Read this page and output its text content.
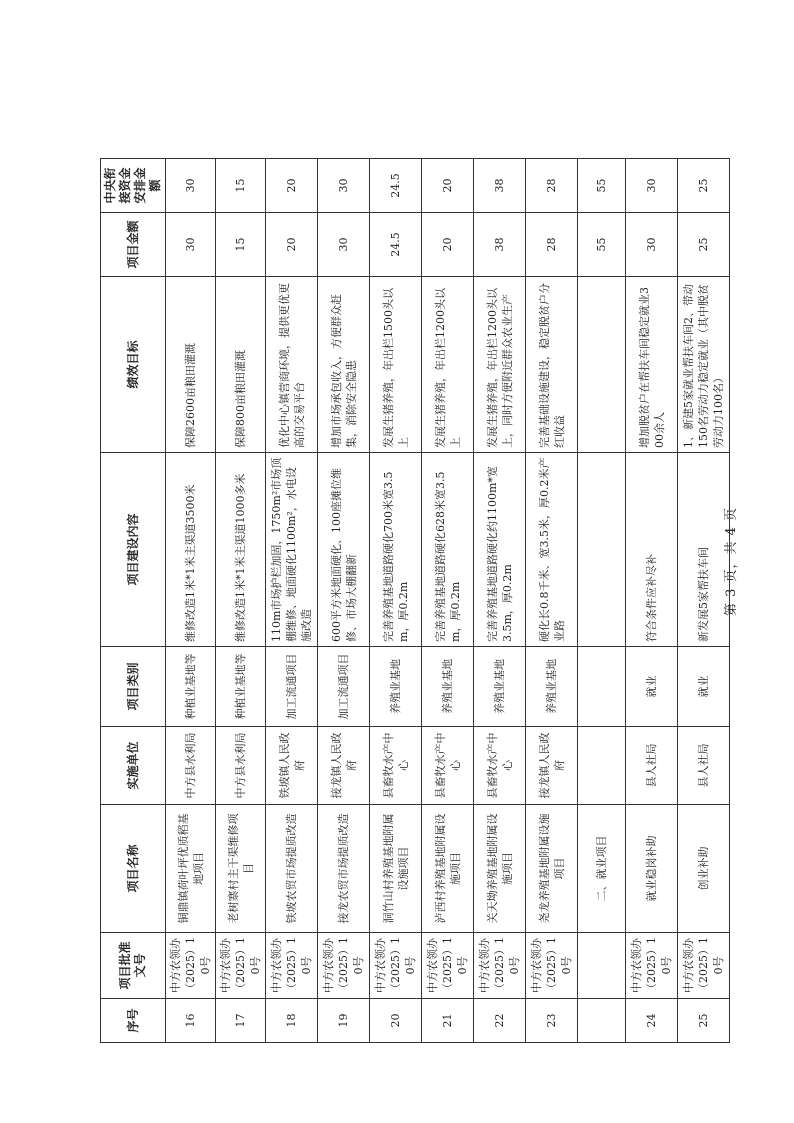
序号	项目批准文号	项目名称	实施单位	项目类别	项目建设内容	绩效目标	项目金额	中央衔接资金安排金额
16	中方农领办（2025）10号	铜鼎镇荷叶坪优质稻基地项目	中方县水利局	种植业基地等	维修改造1米*1米主渠道3500米	保障2600亩粮田灌溉	30	30
17	中方农领办（2025）10号	老树寨村主干渠维修项目	中方县水利局	种植业基地等	维修改造1米*1米主渠道1000多米	保障800亩粮田灌溉	15	15
18	中方农领办（2025）10号	铁坡农贸市场提质改造	铁坡镇人民政府	加工流通项目	110m市场护栏加固，1750m²市场顶棚维修、地面硬化1100m²，水电设施改造	优化中心镇营商环境，提供更优更高的交易平台	20	20
19	中方农领办（2025）10号	接龙农贸市场提质改造	接龙镇人民政府	加工流通项目	600平方米地面硬化、100座摊位维修、市场大棚翻新	增加市场承包收入，方便群众赶集，消除安全隐患	30	30
20	中方农领办（2025）10号	洞竹山村养殖基地附属设施项目	县畜牧水产中心	养殖业基地	完善养殖基地道路硬化700米宽3.5m，厚0.2m	发展生猪养殖，年出栏1500头以上	24.5	24.5
21	中方农领办（2025）10号	泸西村养殖基地附属设施项目	县畜牧水产中心	养殖业基地	完善养殖基地道路硬化628米宽3.5m，厚0.2m	发展生猪养殖，年出栏1200头以上	20	20
22	中方农领办（2025）10号	关天坳养殖基地附属设施项目	县畜牧水产中心	养殖业基地	完善养殖基地道路硬化约1100m*宽3.5m，厚0.2m	发展生猪养殖，年出栏1200头以上，同时方便附近群众农业生产	38	38
23	中方农领办（2025）10号	尧龙养殖基地附属设施项目	接龙镇人民政府	养殖业基地	硬化长0.8千米、宽3.5米，厚0.2米产业路	完善基础设施建设，稳定脱贫户分红收益	28	28
		二、就业项目					55	55
24	中方农领办（2025）10号	就业稳岗补助	县人社局	就业	符合条件应补尽补	增加脱贫户在帮扶车间稳定就业300余人	30	30
25	中方农领办（2025）10号	创业补助	县人社局	就业	新发展5家帮扶车间	1、新建5家就业帮扶车间2、带动150名劳动力稳定就业（其中脱贫劳动力100名）	25	25
第 3 页，共 4 页
